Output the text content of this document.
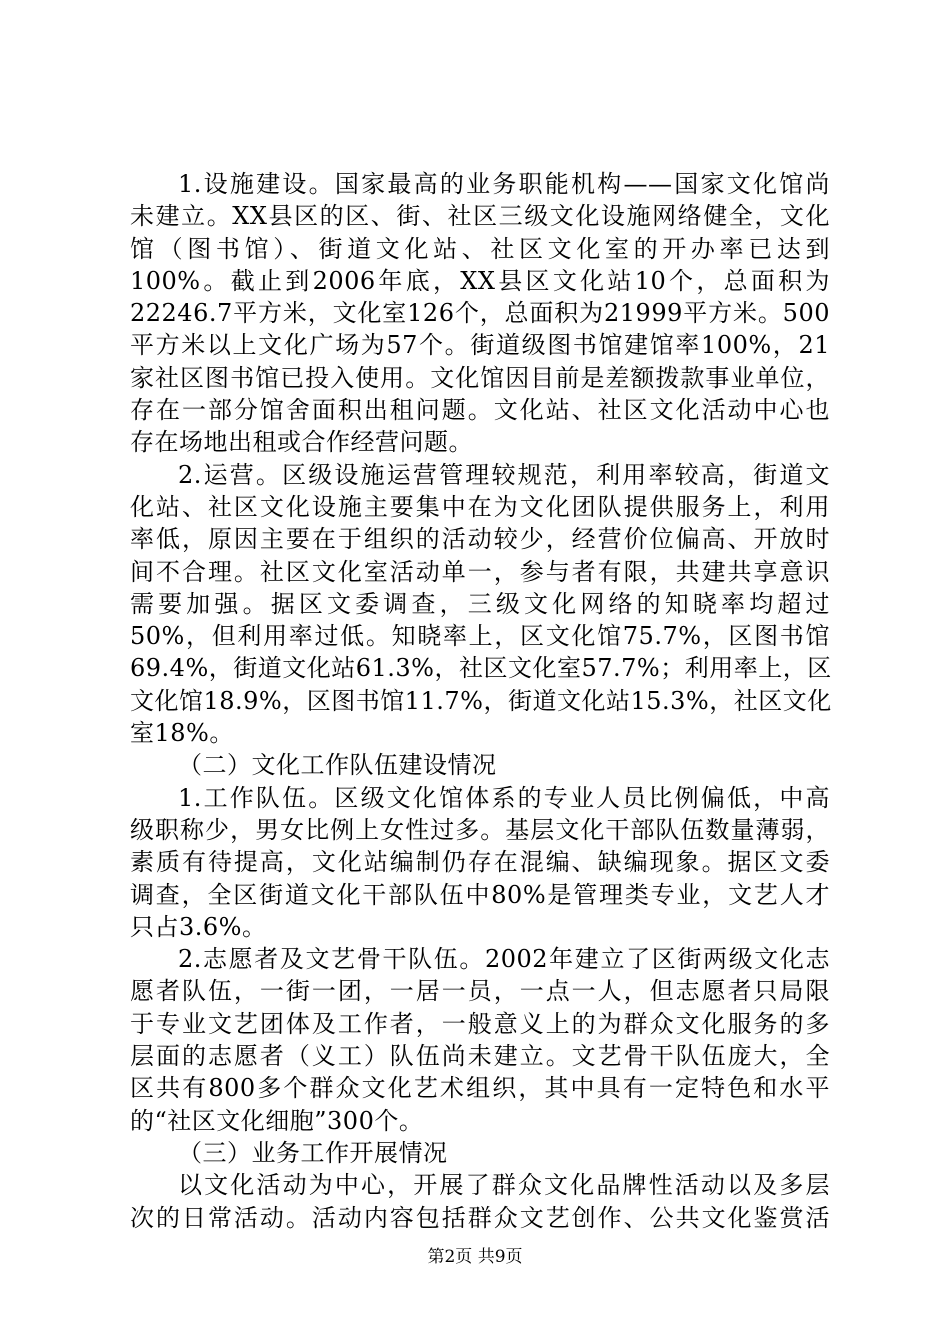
1.设施建设。国家最高的业务职能机构——国家文化馆尚
未建立。XX县区的区、街、社区三级文化设施网络健全，文化
馆（图书馆）、街道文化站、社区文化室的开办率已达到
100%。截止到2006年底，XX县区文化站10个，总面积为
22246.7平方米，文化室126个，总面积为21999平方米。500
平方米以上文化广场为57个。街道级图书馆建馆率100%，21
家社区图书馆已投入使用。文化馆因目前是差额拨款事业单位，
存在一部分馆舍面积出租问题。文化站、社区文化活动中心也
存在场地出租或合作经营问题。
2.运营。区级设施运营管理较规范，利用率较高，街道文
化站、社区文化设施主要集中在为文化团队提供服务上，利用
率低，原因主要在于组织的活动较少，经营价位偏高、开放时
间不合理。社区文化室活动单一，参与者有限，共建共享意识
需要加强。据区文委调查，三级文化网络的知晓率均超过
50%，但利用率过低。知晓率上，区文化馆75.7%，区图书馆
69.4%，街道文化站61.3%，社区文化室57.7%；利用率上，区
文化馆18.9%，区图书馆11.7%，街道文化站15.3%，社区文化
室18%。
（二）文化工作队伍建设情况
1.工作队伍。区级文化馆体系的专业人员比例偏低，中高
级职称少，男女比例上女性过多。基层文化干部队伍数量薄弱，
素质有待提高，文化站编制仍存在混编、缺编现象。据区文委
调查，全区街道文化干部队伍中80%是管理类专业，文艺人才
只占3.6%。
2.志愿者及文艺骨干队伍。2002年建立了区街两级文化志
愿者队伍，一街一团，一居一员，一点一人，但志愿者只局限
于专业文艺团体及工作者，一般意义上的为群众文化服务的多
层面的志愿者（义工）队伍尚未建立。文艺骨干队伍庞大，全
区共有800多个群众文化艺术组织，其中具有一定特色和水平
的“社区文化细胞”300个。
（三）业务工作开展情况
以文化活动为中心，开展了群众文化品牌性活动以及多层
次的日常活动。活动内容包括群众文艺创作、公共文化鉴赏活
第2页 共9页
